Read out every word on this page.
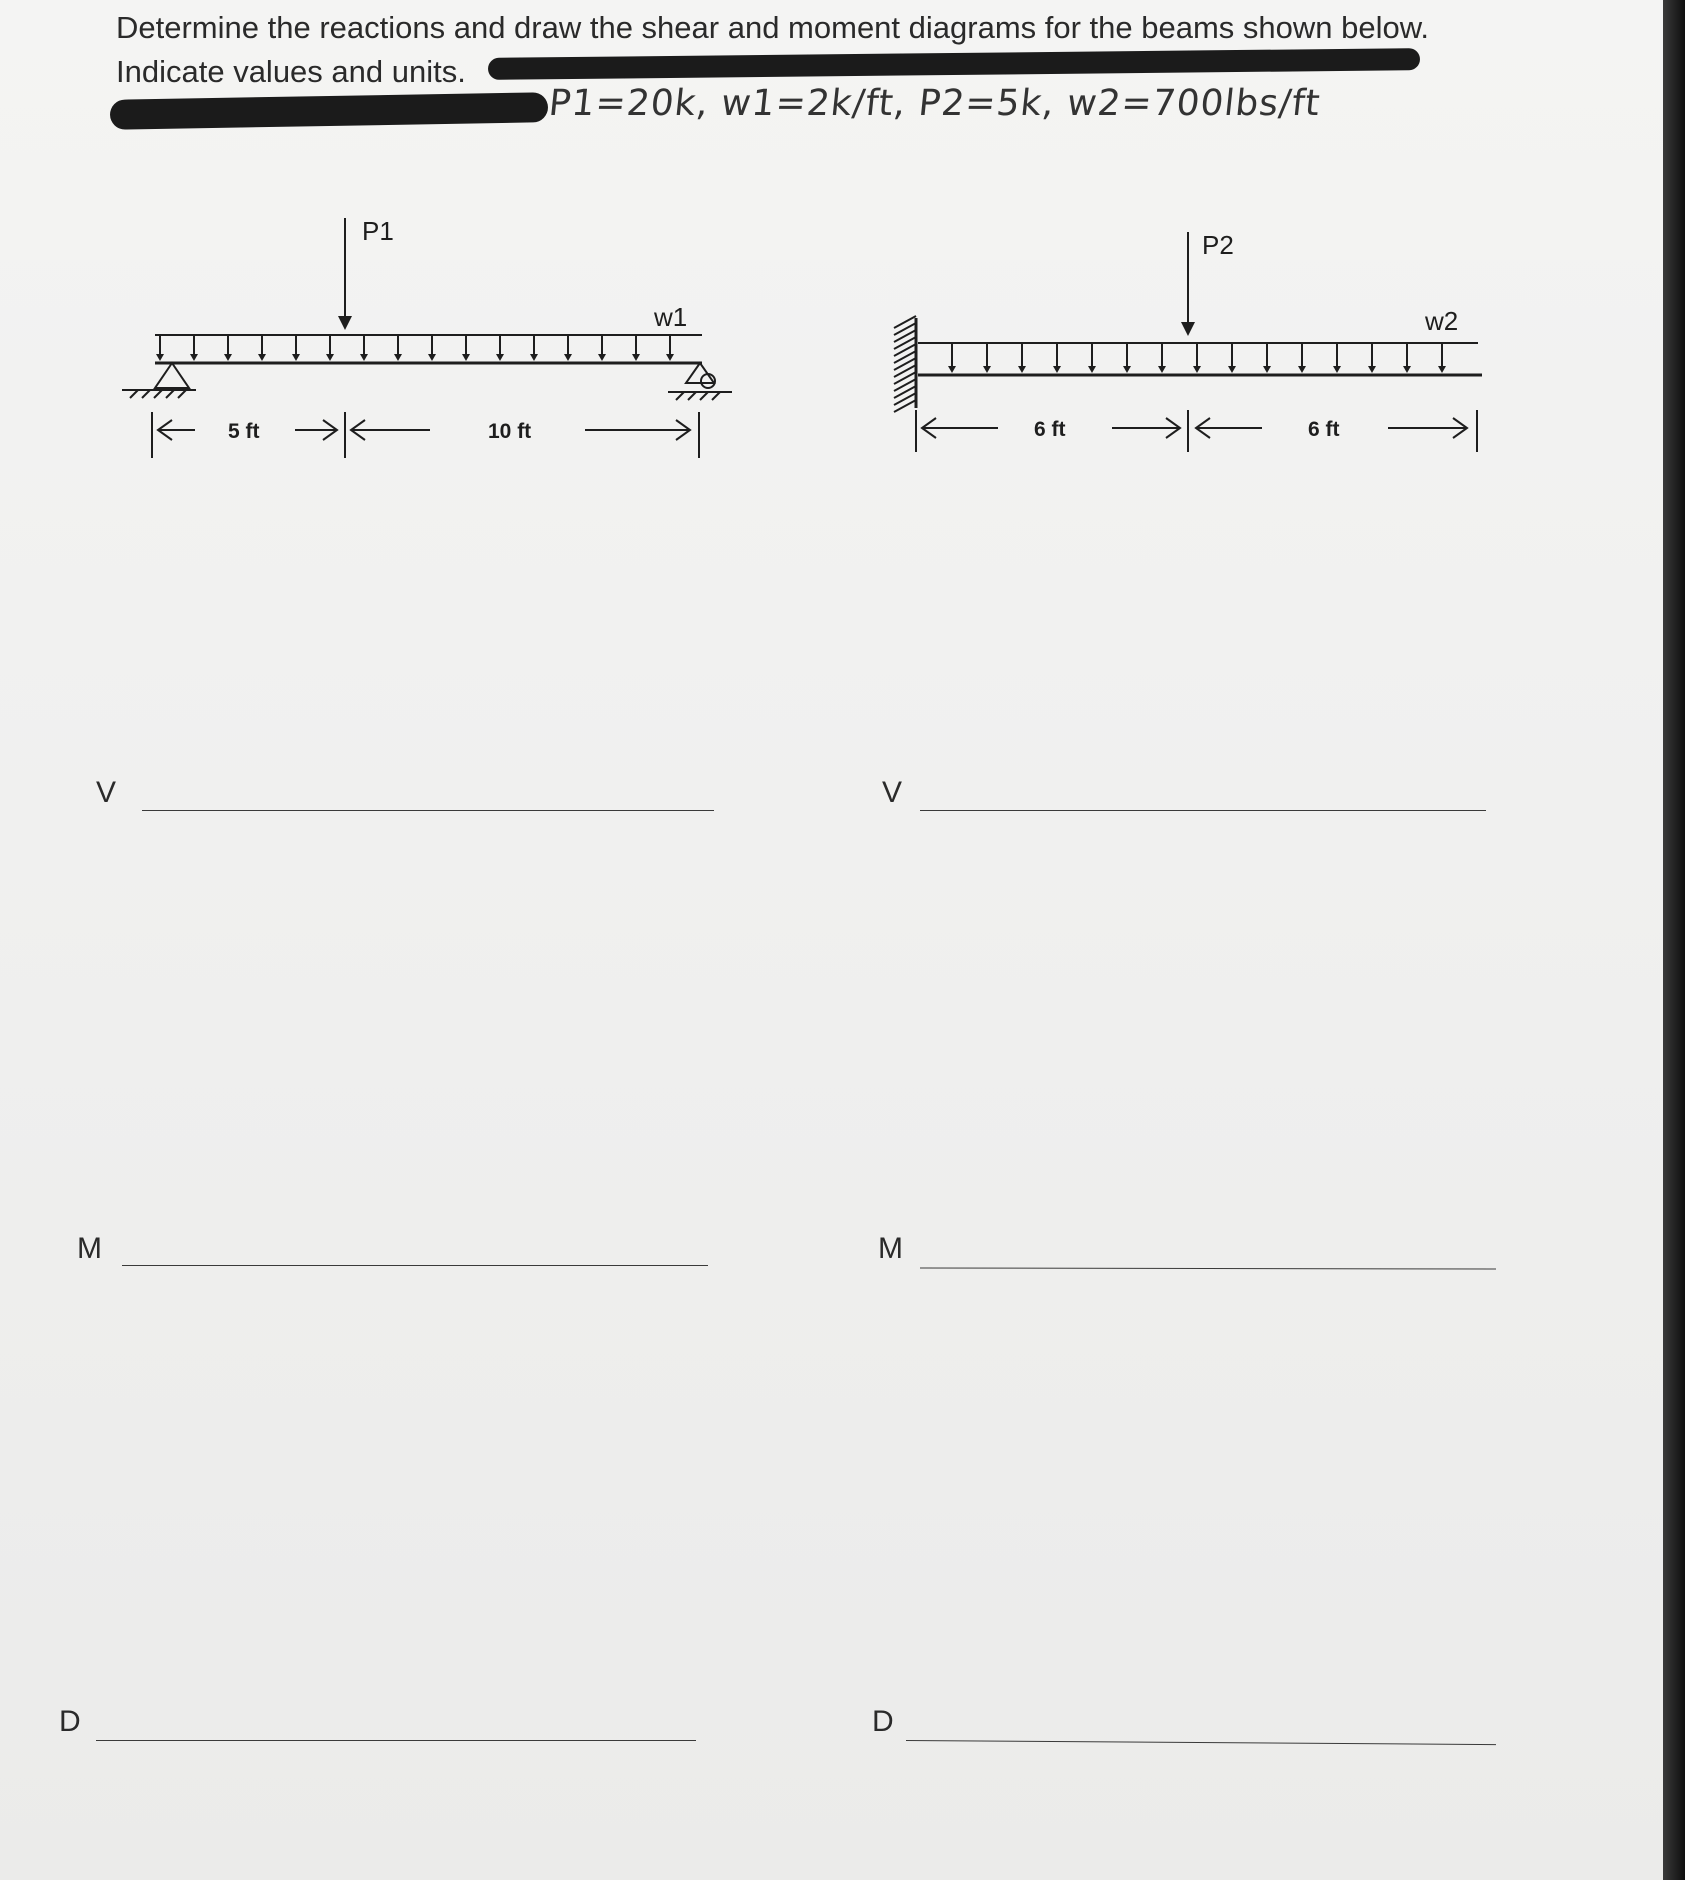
Determine the reactions and draw the shear and moment diagrams for the beams shown below.
Indicate values and units.

P1=20k, w1=2k/ft, P2=5k, w2=700lbs/ft
P1
w1
5 ft	10 ft
P2
w2
6 ft	6 ft
V
M
D
V
M
D
